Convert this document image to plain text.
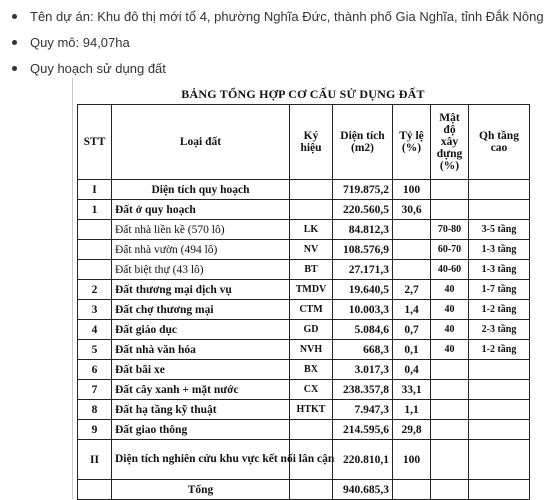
Tên dự án: Khu đô thị mới tổ 4, phường Nghĩa Đức, thành phố Gia Nghĩa, tỉnh Đắk Nông
Quy mô: 94,07ha
Quy hoạch sử dụng đất
BẢNG TỔNG HỢP CƠ CẤU SỬ DỤNG ĐẤT
STT	Loại đất	Ký hiệu	Diện tích (m2)	Tỷ lệ (%)	Mật độ xây dựng (%)	Qh tầng cao
I	Diện tích quy hoạch		719.875,2	100		
1	Đất ở quy hoạch		220.560,5	30,6		
	Đất nhà liền kề (570 lô)	LK	84.812,3		70-80	3-5 tầng
	Đất nhà vườn (494 lô)	NV	108.576,9		60-70	1-3 tầng
	Đất biệt thự (43 lô)	BT	27.171,3		40-60	1-3 tầng
2	Đất thương mại dịch vụ	TMDV	19.640,5	2,7	40	1-7 tầng
3	Đất chợ thương mại	CTM	10.003,3	1,4	40	1-2 tầng
4	Đất giáo dục	GD	5.084,6	0,7	40	2-3 tầng
5	Đất nhà văn hóa	NVH	668,3	0,1	40	1-2 tầng
6	Đất bãi xe	BX	3.017,3	0,4		
7	Đất cây xanh + mặt nước	CX	238.357,8	33,1		
8	Đất hạ tầng kỹ thuật	HTKT	7.947,3	1,1		
9	Đất giao thông		214.595,6	29,8		
II	Diện tích nghiên cứu khu vực kết nối lân cận		220.810,1	100		
	Tổng		940.685,3			
